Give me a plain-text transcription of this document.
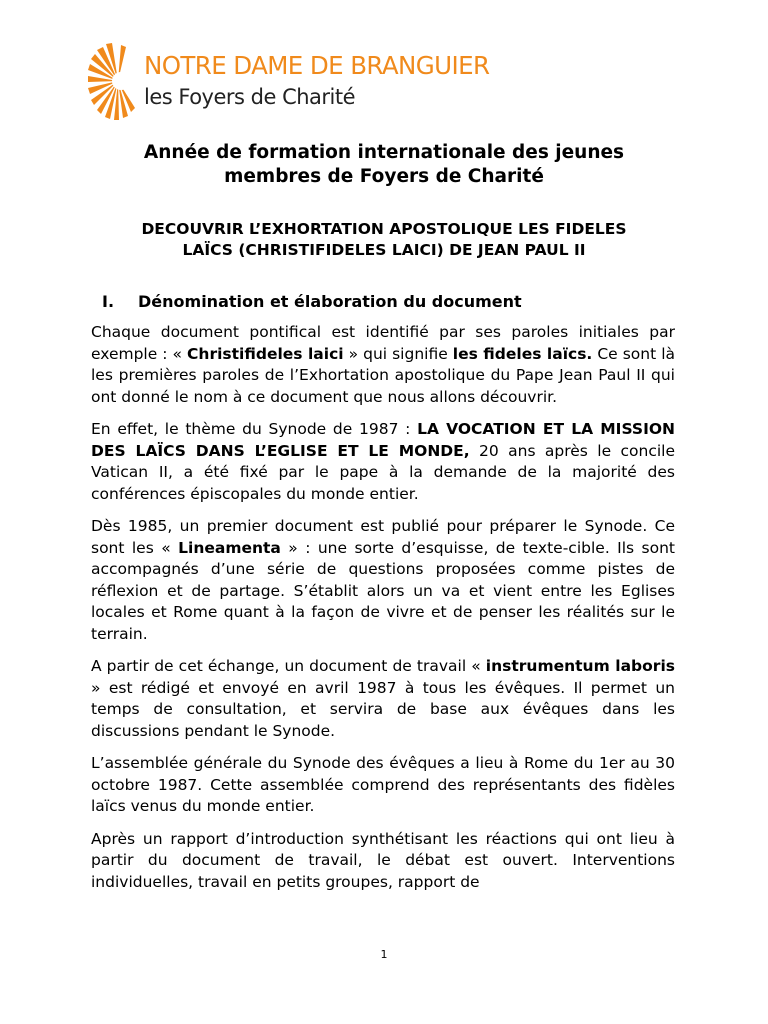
NOTRE DAME DE BRANGUIER
les Foyers de Charité
Année de formation internationale des jeunes
membres de Foyers de Charité
DECOUVRIR L’EXHORTATION APOSTOLIQUE LES FIDELES
LAÏCS (CHRISTIFIDELES LAICI) DE JEAN PAUL II
I. Dénomination et élaboration du document

Chaque document pontifical est identifié par ses paroles initiales par exemple : « Christifideles laici » qui signifie les fideles laïcs. Ce sont là les premières paroles de l’Exhortation apostolique du Pape Jean Paul II qui ont donné le nom à ce document que nous allons découvrir.

En effet, le thème du Synode de 1987 : LA VOCATION ET LA MISSION DES LAÏCS DANS L’EGLISE ET LE MONDE, 20 ans après le concile Vatican II, a été fixé par le pape à la demande de la majorité des conférences épiscopales du monde entier.

Dès 1985, un premier document est publié pour préparer le Synode. Ce sont les « Lineamenta » : une sorte d’esquisse, de texte-cible. Ils sont accompagnés d’une série de questions proposées comme pistes de réflexion et de partage. S’établit alors un va et vient entre les Eglises locales et Rome quant à la façon de vivre et de penser les réalités sur le terrain.

A partir de cet échange, un document de travail « instrumentum laboris » est rédigé et envoyé en avril 1987 à tous les évêques. Il permet un temps de consultation, et servira de base aux évêques dans les discussions pendant le Synode.

L’assemblée générale du Synode des évêques a lieu à Rome du 1er au 30 octobre 1987. Cette assemblée comprend des représentants des fidèles laïcs venus du monde entier.

Après un rapport d’introduction synthétisant les réactions qui ont lieu à partir du document de travail, le débat est ouvert. Interventions individuelles, travail en petits groupes, rapport de

1
